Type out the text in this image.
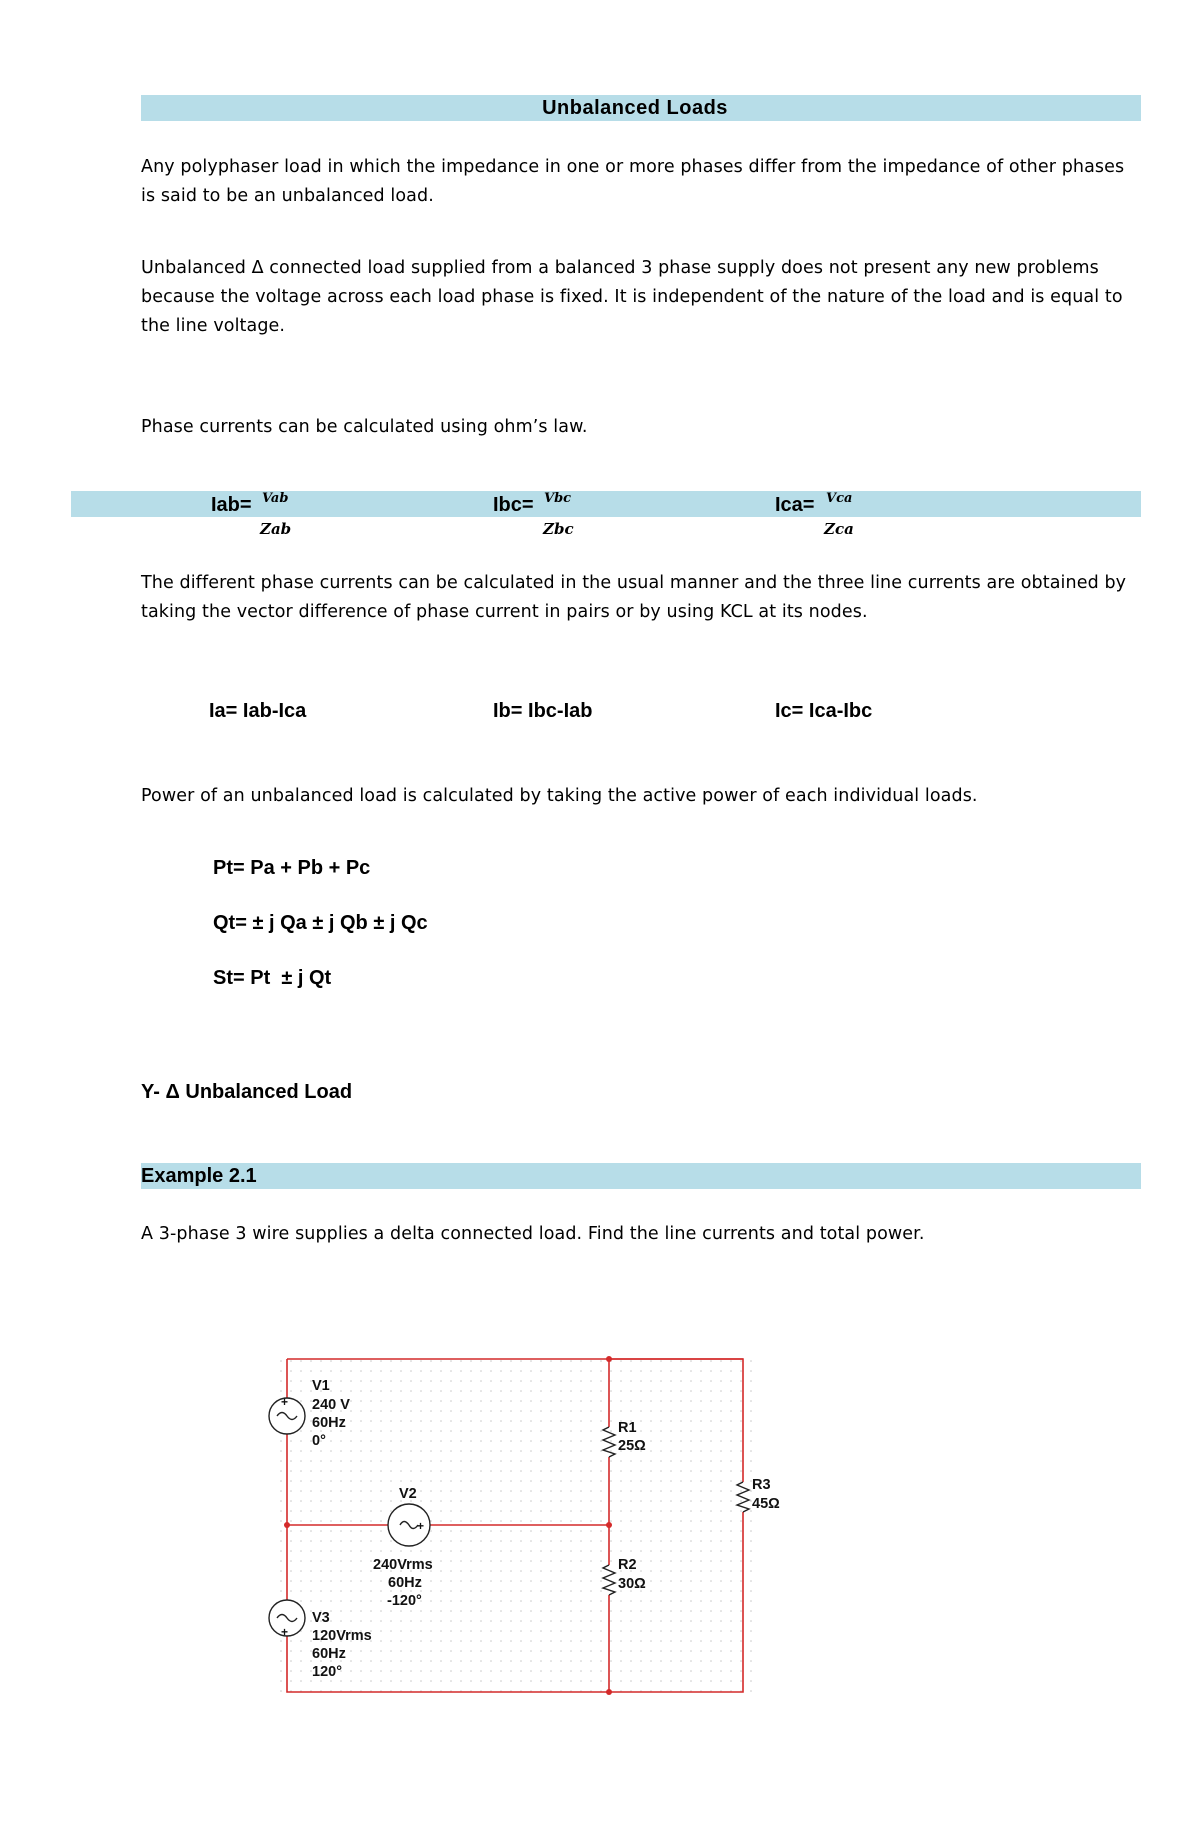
Unbalanced Loads
Any polyphaser load in which the impedance in one or more phases differ from the impedance of other phases is said to be an unbalanced load.
Unbalanced Δ connected load supplied from a balanced 3 phase supply does not present any new problems because the voltage across each load phase is fixed. It is independent of the nature of the load and is equal to the line voltage.
Phase currents can be calculated using ohm’s law.
Iab= Vab
Zab
Ibc= Vbc
Zbc
Ica= Vca
Zca
The different phase currents can be calculated in the usual manner and the three line currents are obtained by taking the vector difference of phase current in pairs or by using KCL at its nodes.
Ia= Iab-Ica	Ib= Ibc-Iab	Ic= Ica-Ibc
Power of an unbalanced load is calculated by taking the active power of each individual loads.
Pt= Pa + Pb + Pc
Qt= ± j Qa ± j Qb ± j Qc
St= Pt  ± j Qt
Y- Δ Unbalanced Load
Example 2.1
A 3-phase 3 wire supplies a delta connected load. Find the line currents and total power.
+
V1
240 V
60Hz
0°
+
V2
240Vrms
60Hz
-120°
+
V3
120Vrms
60Hz
120°
R1
25Ω
R2
30Ω
R3
45Ω
